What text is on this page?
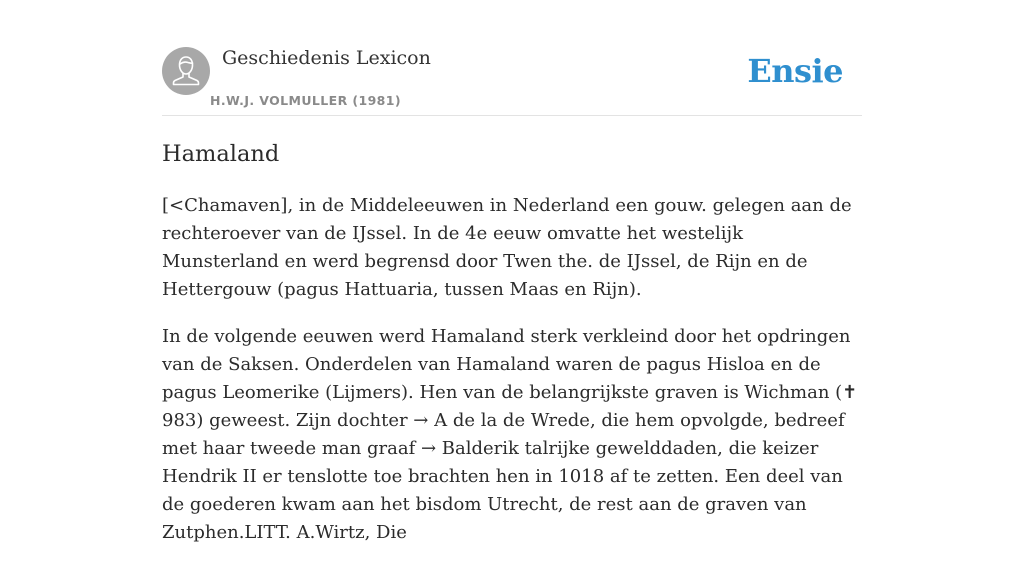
Geschiedenis Lexicon
H.W.J. VOLMULLER (1981)
Ensie
Hamaland

[<Chamaven], in de Middeleeuwen in Nederland een gouw. gelegen aan de rechteroever van de IJssel. In de 4e eeuw omvatte het westelijk Munsterland en werd begrensd door Twen the. de IJssel, de Rijn en de Hettergouw (pagus Hattuaria, tussen Maas en Rijn).

In de volgende eeuwen werd Hamaland sterk verkleind door het opdringen van de Saksen. Onderdelen van Hamaland waren de pagus Hisloa en de pagus Leomerike (Lijmers). Hen van de belangrijkste graven is Wichman (✝ 983) geweest. Zijn dochter → A de la de Wrede, die hem opvolgde, bedreef met haar tweede man graaf → Balderik talrijke gewelddaden, die keizer Hendrik II er tenslotte toe brachten hen in 1018 af te zetten. Een deel van de goederen kwam aan het bisdom Utrecht, de rest aan de graven van Zutphen.LITT. A.Wirtz, Die
